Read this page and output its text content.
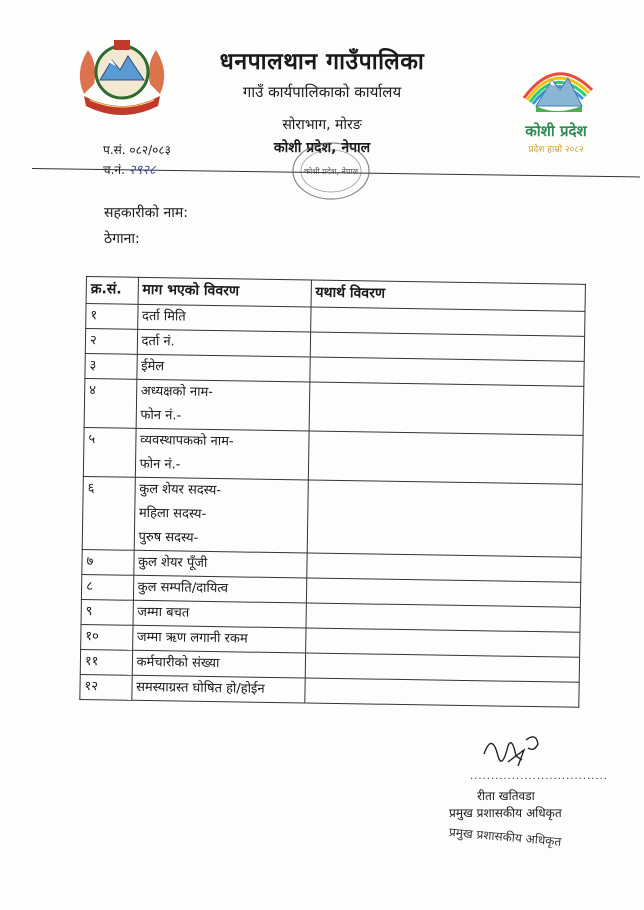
कोशी प्रदेश
प्रदेश हाम्रो २०८२
धनपालथान गाउँपालिका
गाउँ कार्यपालिकाको कार्यालय
सोराभाग, मोरङ
कोशी प्रदेश, नेपाल
प.सं. ०८२/०८३
च.नं. २९२८	कोशी प्रदेश, नेपाल
सहकारीको नाम:
ठेगाना:
क्र.सं.	माग भएको विवरण	यथार्थ विवरण
१	दर्ता मिति	

२	दर्ता नं.	

३	ईमेल	

४	अध्यक्षको नाम-
फोन नं.-	

५	व्यवस्थापकको नाम-
फोन नं.-	

६	कुल शेयर सदस्य-
महिला सदस्य-
पुरुष सदस्य-	

७	कुल शेयर पूँजी	

८	कुल सम्पति/दायित्व	

९	जम्मा बचत	

१०	जम्मा ऋण लगानी रकम	

११	कर्मचारीको संख्या	

१२	समस्याग्रस्त घोषित हो/होईन	

.................................
रीता खतिवडा
प्रमुख प्रशासकीय अधिकृत
प्रमुख प्रशासकीय अधिकृत
